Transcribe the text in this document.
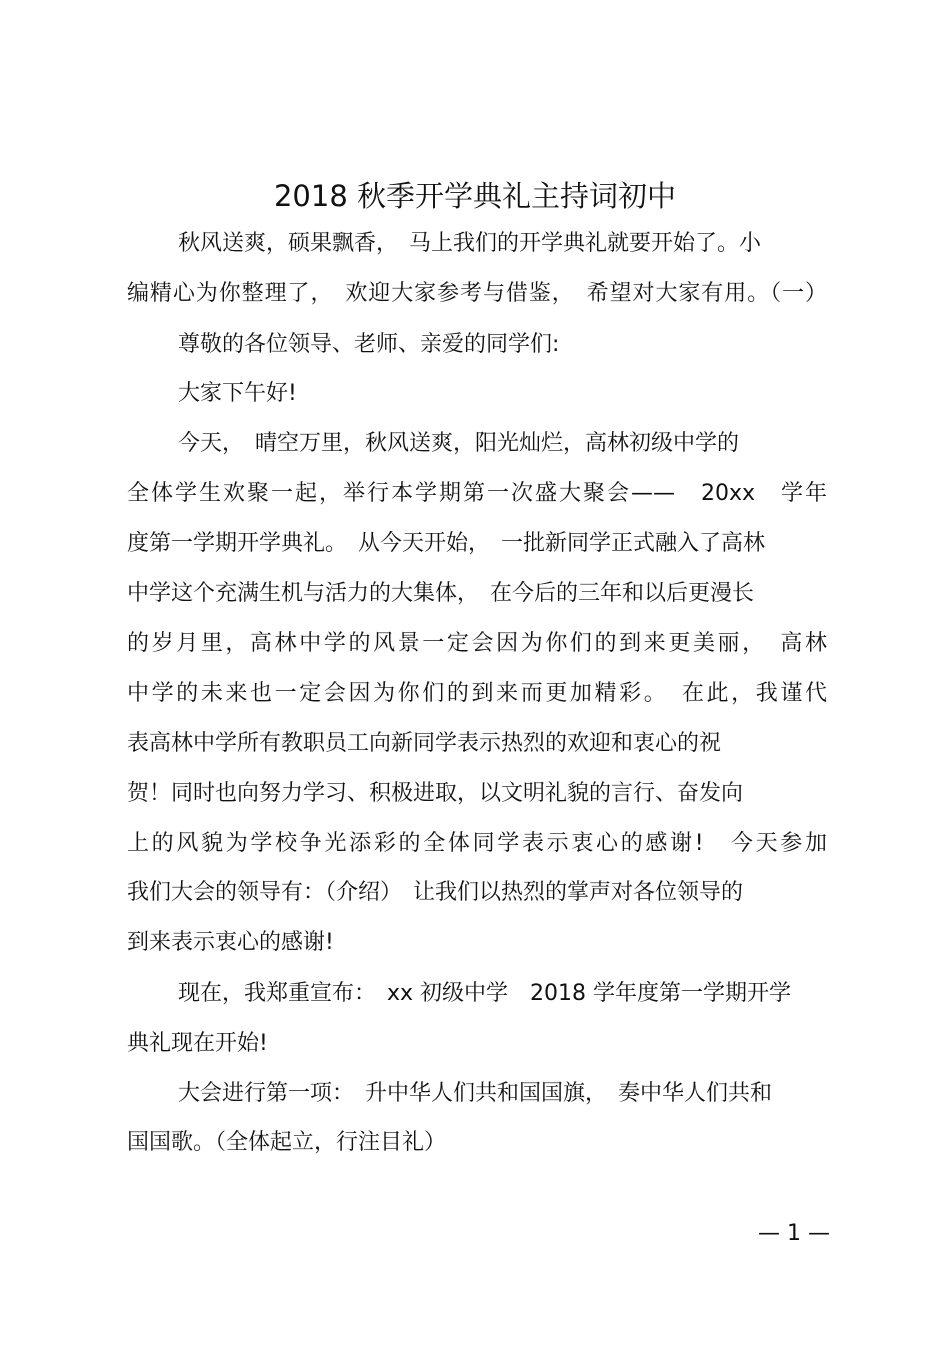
2018 秋季开学典礼主持词初中
秋风送爽，硕果飘香，　马上我们的开学典礼就要开始了。小
编精心为你整理了，　欢迎大家参考与借鉴，　希望对大家有用。（一）
尊敬的各位领导、老师、亲爱的同学们:
大家下午好!
今天，　晴空万里，秋风送爽，阳光灿烂，高林初级中学的
全体学生欢聚一起，举行本学期第一次盛大聚会——　20xx　学年
度第一学期开学典礼。　从今天开始，　一批新同学正式融入了高林
中学这个充满生机与活力的大集体，　在今后的三年和以后更漫长
的岁月里，高林中学的风景一定会因为你们的到来更美丽，　高林
中学的未来也一定会因为你们的到来而更加精彩。　在此，我谨代
表高林中学所有教职员工向新同学表示热烈的欢迎和衷心的祝
贺！同时也向努力学习、积极进取，以文明礼貌的言行、奋发向
上的风貌为学校争光添彩的全体同学表示衷心的感谢!　今天参加
我们大会的领导有：（介绍）　让我们以热烈的掌声对各位领导的
到来表示衷心的感谢!
现在，我郑重宣布：　xx 初级中学　2018 学年度第一学期开学
典礼现在开始!
大会进行第一项：　升中华人们共和国国旗，　奏中华人们共和
国国歌。（全体起立，行注目礼）
— 1 —
